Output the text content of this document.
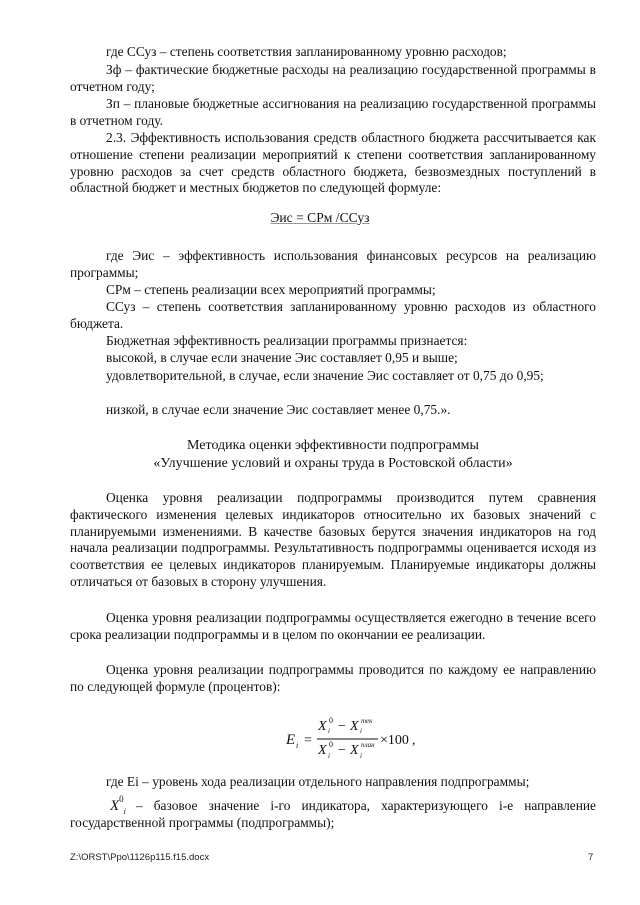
где ССуз – степень соответствия запланированному уровню расходов;

Зф – фактические бюджетные расходы на реализацию государственной программы в отчетном году;

Зп – плановые бюджетные ассигнования на реализацию государственной программы в отчетном году.

2.3. Эффективность использования средств областного бюджета рассчитывается как отношение степени реализации мероприятий к степени соответствия запланированному уровню расходов за счет средств областного бюджета, безвозмездных поступлений в областной бюджет и местных бюджетов по следующей формуле:

Эис = СРм /ССуз

где Эис – эффективность использования финансовых ресурсов на реализацию программы;

СРм – степень реализации всех мероприятий программы;

ССуз – степень соответствия запланированному уровню расходов из областного бюджета.

Бюджетная эффективность реализации программы признается:

высокой, в случае если значение Эис составляет 0,95 и выше;

удовлетворительной, в случае, если значение Эис составляет от 0,75 до 0,95;

низкой, в случае если значение Эис составляет менее 0,75.».

Методика оценки эффективности подпрограммы
«Улучшение условий и охраны труда в Ростовской области»

Оценка уровня реализации подпрограммы производится путем сравнения фактического изменения целевых индикаторов относительно их базовых значений с планируемыми изменениями. В качестве базовых берутся значения индикаторов на год начала реализации подпрограммы. Результативность подпрограммы оценивается исходя из соответствия ее целевых индикаторов планируемым. Планируемые индикаторы должны отличаться от базовых в сторону улучшения.

Оценка уровня реализации подпрограммы осуществляется ежегодно в течение всего срока реализации подпрограммы и в целом по окончании ее реализации.

Оценка уровня реализации подпрограммы проводится по каждому ее направлению по следующей формуле (процентов):

E i =
X 0
i − X тек
i
X 0
i − X план
i
×100 ,

где Ei – уровень хода реализации отдельного направления подпрограммы;

$X^0_i$ – базовое значение i-го индикатора, характеризующего i-е направление государственной программы (подпрограммы);

Z:\ORST\Ppo\1126p115.f15.docx	7
